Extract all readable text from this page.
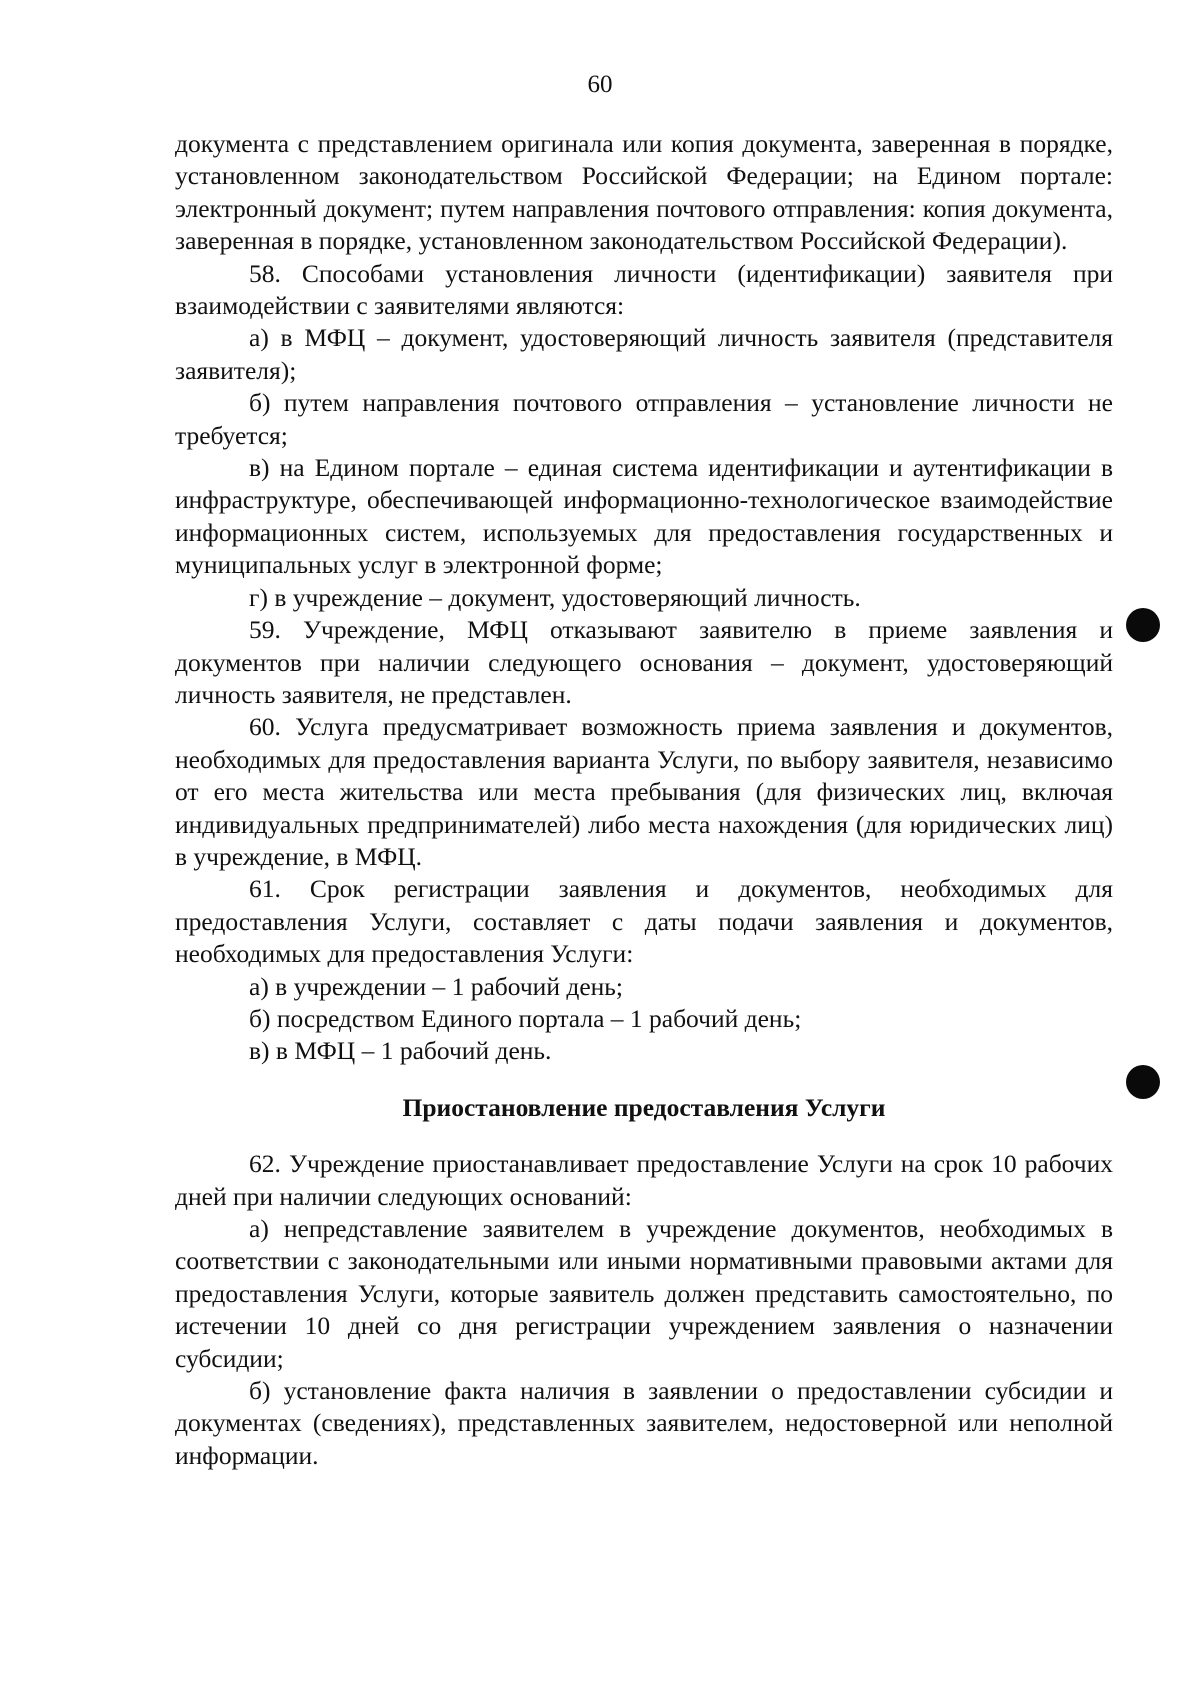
60

документа с представлением оригинала или копия документа, заверенная в порядке, установленном законодательством Российской Федерации; на Едином портале: электронный документ; путем направления почтового отправления: копия документа, заверенная в порядке, установленном законодательством Российской Федерации).

58. Способами установления личности (идентификации) заявителя при взаимодействии с заявителями являются:

а) в МФЦ – документ, удостоверяющий личность заявителя (представителя заявителя);

б) путем направления почтового отправления – установление личности не требуется;

в) на Едином портале – единая система идентификации и аутентификации в инфраструктуре, обеспечивающей информационно-технологическое взаимодействие информационных систем, используемых для предоставления государственных и муниципальных услуг в электронной форме;

г) в учреждение – документ, удостоверяющий личность.

59. Учреждение, МФЦ отказывают заявителю в приеме заявления и документов при наличии следующего основания – документ, удостоверяющий личность заявителя, не представлен.

60. Услуга предусматривает возможность приема заявления и документов, необходимых для предоставления варианта Услуги, по выбору заявителя, независимо от его места жительства или места пребывания (для физических лиц, включая индивидуальных предпринимателей) либо места нахождения (для юридических лиц) в учреждение, в МФЦ.

61. Срок регистрации заявления и документов, необходимых для предоставления Услуги, составляет с даты подачи заявления и документов, необходимых для предоставления Услуги:

а) в учреждении – 1 рабочий день;

б) посредством Единого портала – 1 рабочий день;

в) в МФЦ – 1 рабочий день.

Приостановление предоставления Услуги

62. Учреждение приостанавливает предоставление Услуги на срок 10 рабочих дней при наличии следующих оснований:

а) непредставление заявителем в учреждение документов, необходимых в соответствии с законодательными или иными нормативными правовыми актами для предоставления Услуги, которые заявитель должен представить самостоятельно, по истечении 10 дней со дня регистрации учреждением заявления о назначении субсидии;

б) установление факта наличия в заявлении о предоставлении субсидии и документах (сведениях), представленных заявителем, недостоверной или неполной информации.
